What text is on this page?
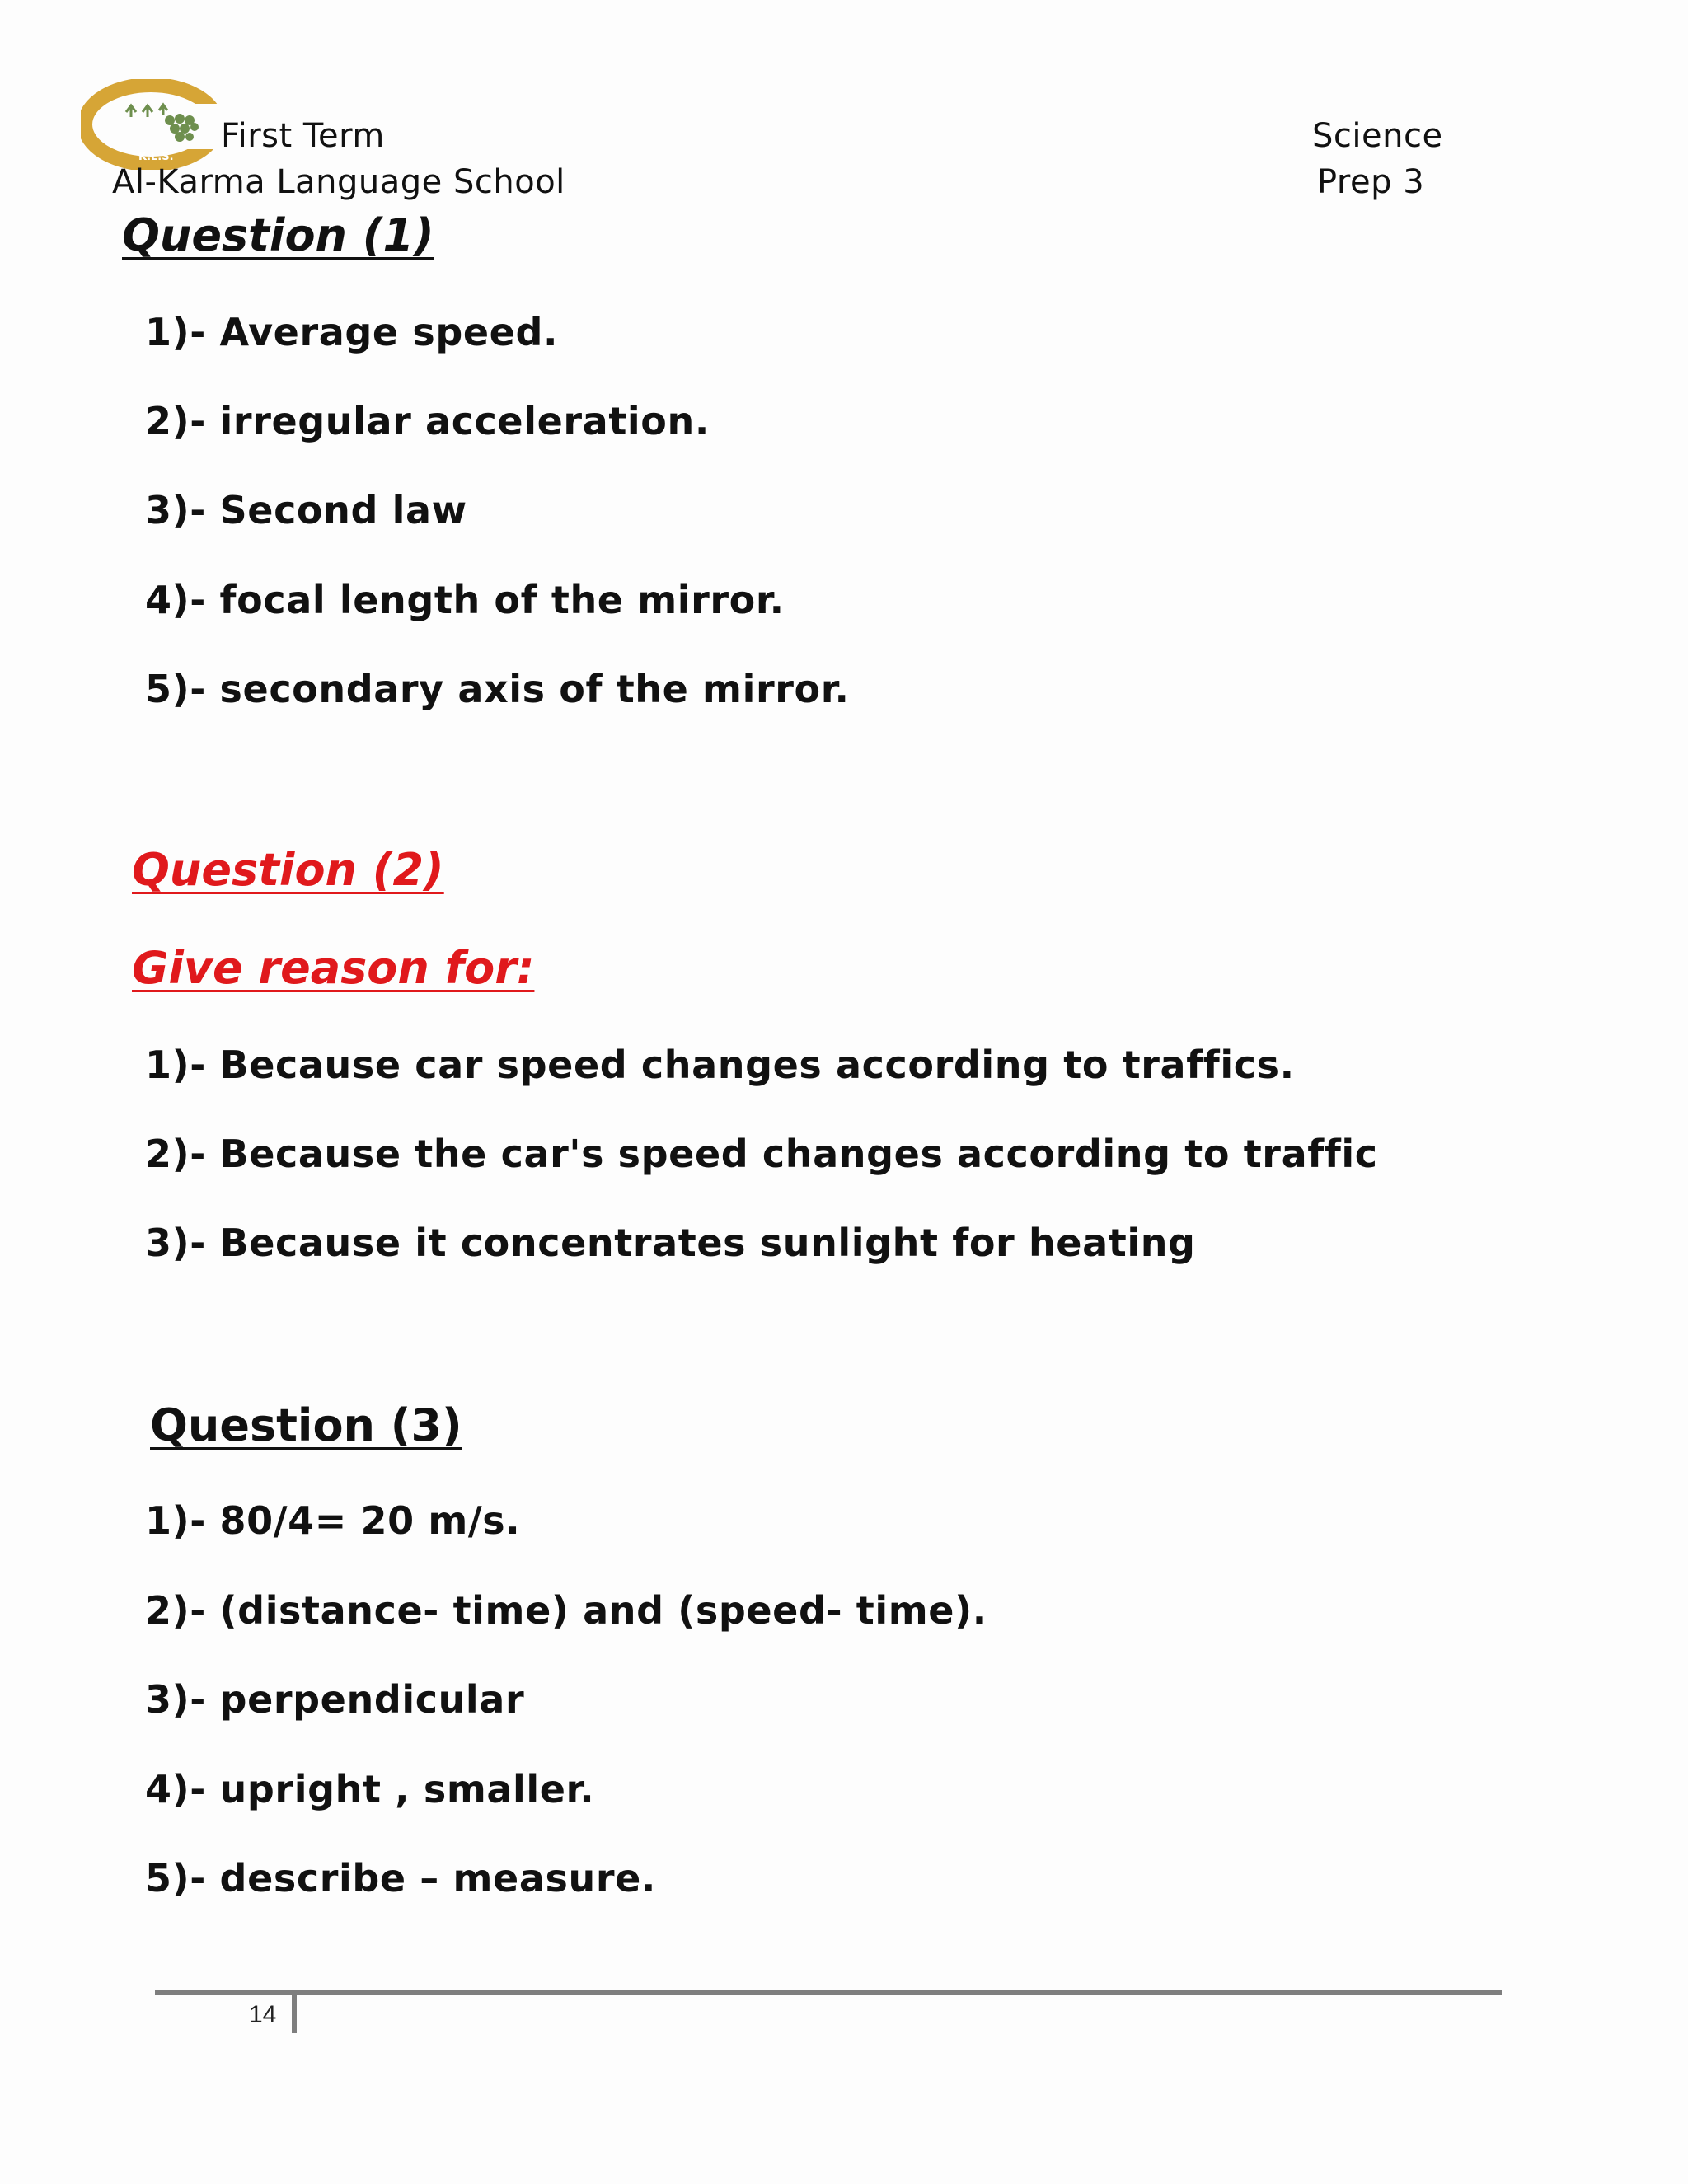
K.L.S.
First Term
Al-Karma Language School
Science
Prep 3
Question (1)
1)- Average speed.
2)- irregular acceleration.
3)- Second law
4)- focal length of the mirror.
5)- secondary axis of the mirror.
Question (2)
Give reason for:
1)- Because car speed changes according to traffics.
2)- Because the car's speed changes according to traffic
3)- Because it concentrates sunlight for heating
Question (3)
1)- 80/4= 20 m/s.
2)- (distance- time) and (speed- time).
3)- perpendicular
4)- upright , smaller.
5)- describe – measure.
14
